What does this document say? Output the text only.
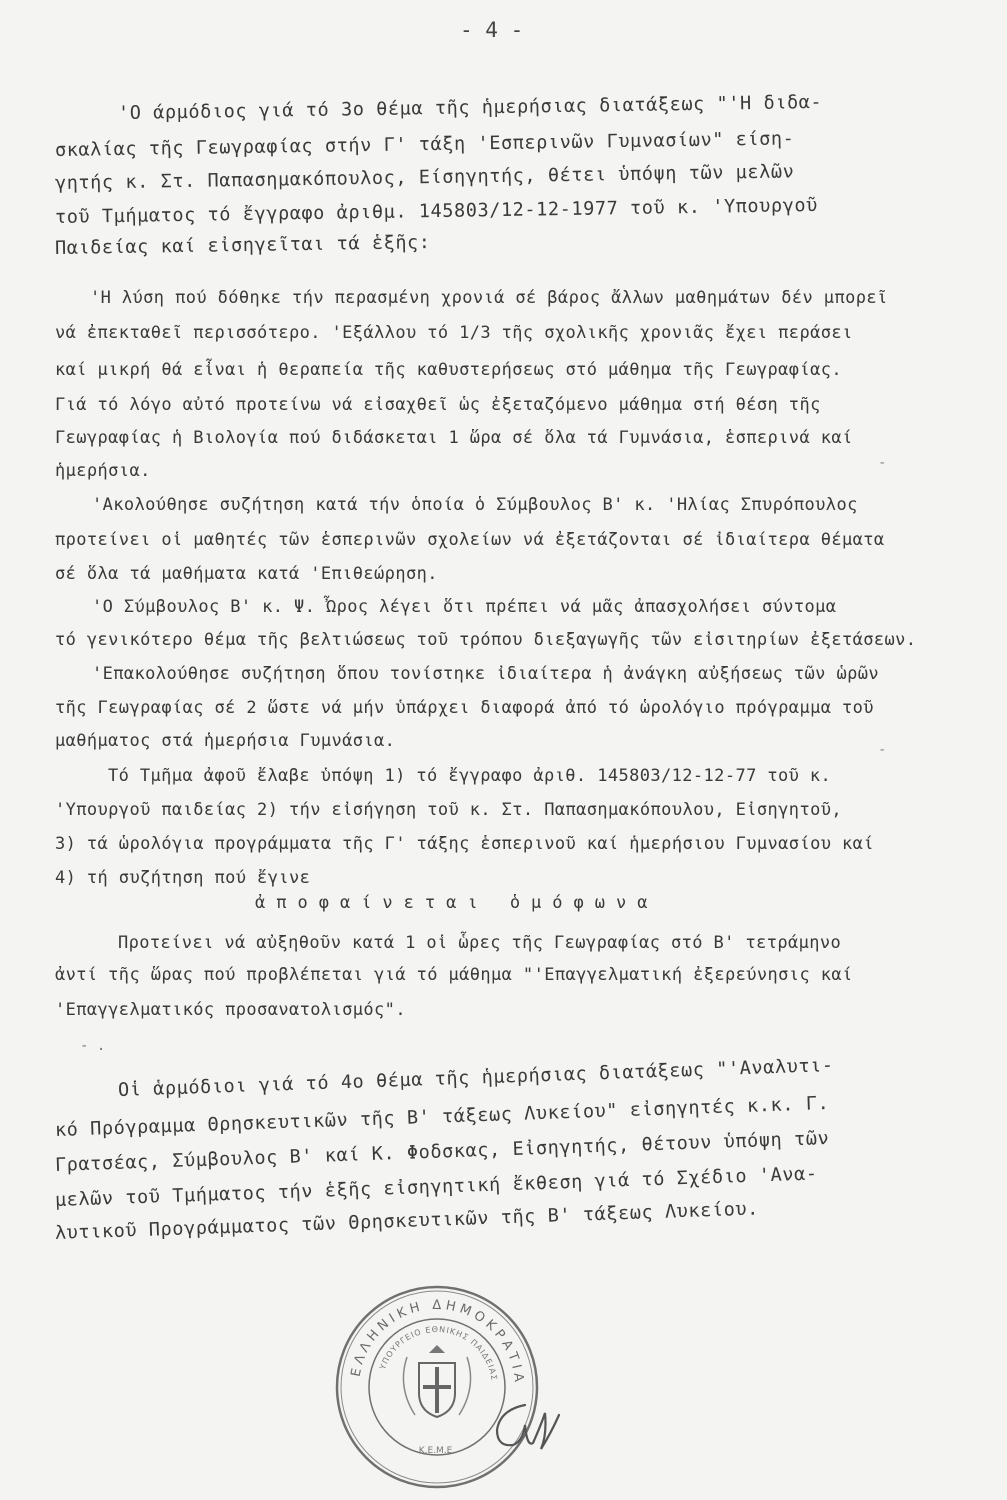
- 4 -
'Ο άρμόδιος γιά τό 3ο θέμα τῆς ἡμερήσιας διατάξεως "'Η διδα-
σκαλίας τῆς Γεωγραφίας στήν Γ' τάξη 'Εσπερινῶν Γυμνασίων" είση-
γητής κ. Στ. Παπασημακόπουλος, Είσηγητής, θέτει ὑπόψη τῶν μελῶν
τοῦ Τμήματος τό ἔγγραφο ἀριθμ. 145803/12-12-1977 τοῦ κ. 'Υπουργοῦ
Παιδείας καί εἰσηγεῖται τά ἑξῆς:
'Η λύση πού δόθηκε τήν περασμένη χρονιά σέ βάρος ἄλλων μαθημάτων δέν μπορεῖ
νά ἐπεκταθεῖ περισσότερο. 'Εξάλλου τό 1/3 τῆς σχολικῆς χρονιᾶς ἔχει περάσει
καί μικρή θά εἶναι ἡ θεραπεία τῆς καθυστερήσεως στό μάθημα τῆς Γεωγραφίας.
Γιά τό λόγο αὐτό προτείνω νά εἰσαχθεῖ ὡς ἐξεταζόμενο μάθημα στή θέση τῆς
Γεωγραφίας ἡ Βιολογία πού διδάσκεται 1 ὥρα σέ ὅλα τά Γυμνάσια, ἑσπερινά καί
ἡμερήσια.
'Ακολούθησε συζήτηση κατά τήν ὁποία ὁ Σύμβουλος Β' κ. 'Ηλίας Σπυρόπουλος
προτείνει οἱ μαθητές τῶν ἑσπερινῶν σχολείων νά ἐξετάζονται σέ ἰδιαίτερα θέματα
σέ ὅλα τά μαθήματα κατά 'Επιθεώρηση.
'Ο Σύμβουλος Β' κ. Ψ. Ὦρος λέγει ὅτι πρέπει νά μᾶς ἀπασχολήσει σύντομα
τό γενικότερο θέμα τῆς βελτιώσεως τοῦ τρόπου διεξαγωγῆς τῶν εἰσιτηρίων ἐξετάσεων.
'Επακολούθησε συζήτηση ὅπου τονίστηκε ἰδιαίτερα ἡ ἀνάγκη αὐξήσεως τῶν ὡρῶν
τῆς Γεωγραφίας σέ 2 ὥστε νά μήν ὑπάρχει διαφορά ἀπό τό ὡρολόγιο πρόγραμμα τοῦ
μαθήματος στά ἡμερήσια Γυμνάσια.
Τό Τμῆμα ἀφοῦ ἔλαβε ὑπόψη 1) τό ἔγγραφο ἀριθ. 145803/12-12-77 τοῦ κ.
'Υπουργοῦ παιδείας 2) τήν εἰσήγηση τοῦ κ. Στ. Παπασημακόπουλου, Εἰσηγητοῦ,
3) τά ὡρολόγια προγράμματα τῆς Γ' τάξης ἑσπερινοῦ καί ἡμερήσιου Γυμνασίου καί
4) τή συζήτηση πού ἔγινε
ἀποφαίνεται ὁμόφωνα
Προτείνει νά αὐξηθοῦν κατά 1 οἱ ὧρες τῆς Γεωγραφίας στό Β' τετράμηνο
ἀντί τῆς ὥρας πού προβλέπεται γιά τό μάθημα "'Επαγγελματική ἐξερεύνησις καί
'Επαγγελματικός προσανατολισμός".
- .
Οἱ ἁρμόδιοι γιά τό 4ο θέμα τῆς ἡμερήσιας διατάξεως "'Αναλυτι-
κό Πρόγραμμα Θρησκευτικῶν τῆς Β' τάξεως Λυκείου" εἰσηγητές κ.κ. Γ.
Γρατσέας, Σύμβουλος Β' καί Κ. Φοδσκας, Εἰσηγητής, θέτουν ὑπόψη τῶν
μελῶν τοῦ Τμήματος τήν ἑξῆς εἰσηγητική ἔκθεση γιά τό Σχέδιο 'Ανα-
λυτικοῦ Προγράμματος τῶν Θρησκευτικῶν τῆς Β' τάξεως Λυκείου.
ΕΛΛΗΝΙΚΗ ΔΗΜΟΚΡΑΤΙΑ
ΥΠΟΥΡΓΕΙΟ ΕΘΝΙΚΗΣ ΠΑΙΔΕΙΑΣ
Κ.Ε.Μ.Ε.
-
-
